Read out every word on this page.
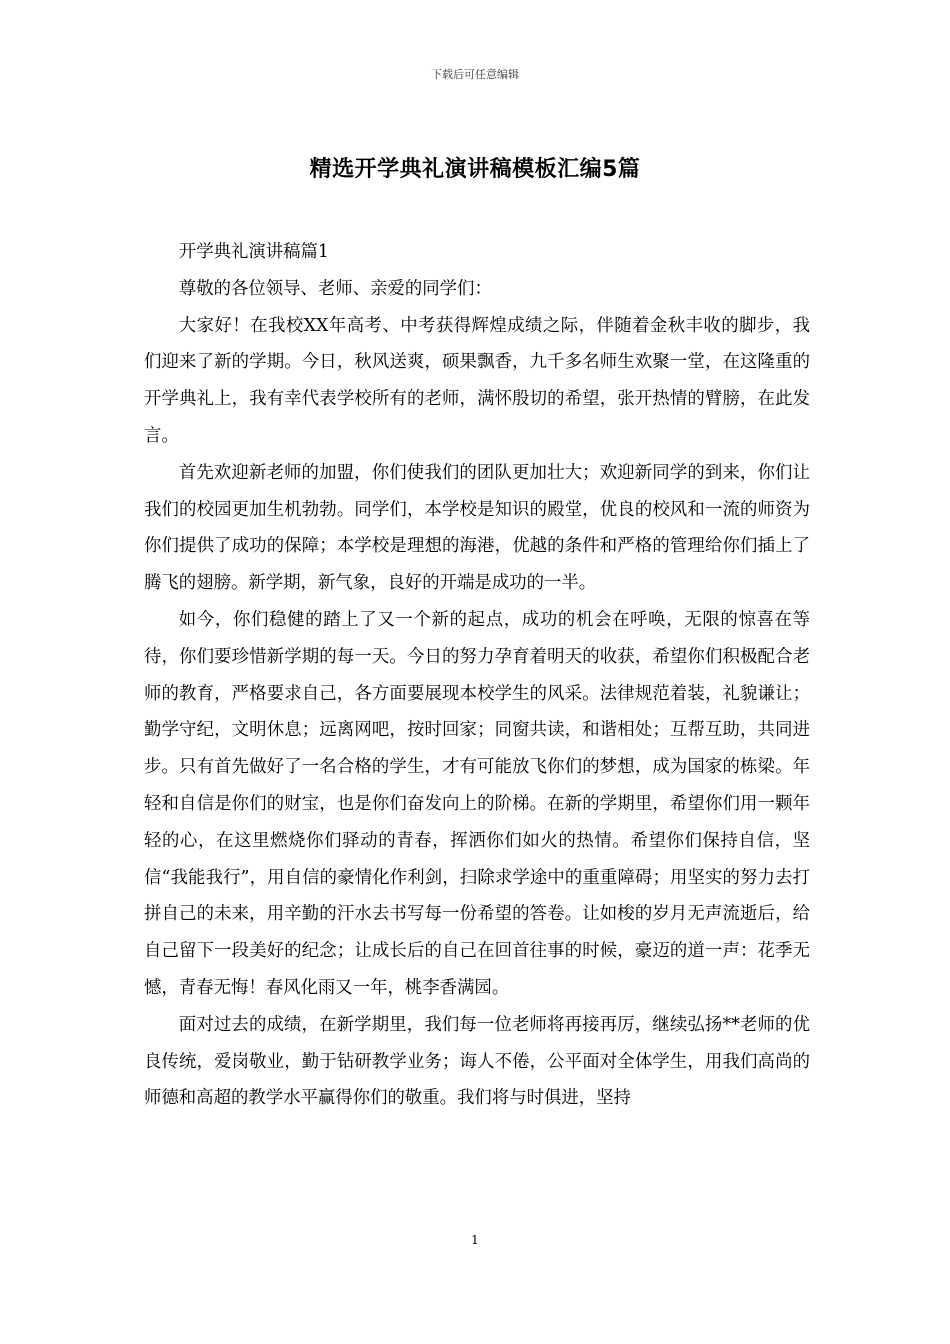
下载后可任意编辑
精选开学典礼演讲稿模板汇编5篇

开学典礼演讲稿篇1

尊敬的各位领导、老师、亲爱的同学们：

大家好！在我校XX年高考、中考获得辉煌成绩之际，伴随着金秋丰收的脚步，我们迎来了新的学期。今日，秋风送爽，硕果飘香，九千多名师生欢聚一堂，在这隆重的开学典礼上，我有幸代表学校所有的老师，满怀殷切的希望，张开热情的臂膀，在此发言。

首先欢迎新老师的加盟，你们使我们的团队更加壮大；欢迎新同学的到来，你们让我们的校园更加生机勃勃。同学们，本学校是知识的殿堂，优良的校风和一流的师资为你们提供了成功的保障；本学校是理想的海港，优越的条件和严格的管理给你们插上了腾飞的翅膀。新学期，新气象，良好的开端是成功的一半。

如今，你们稳健的踏上了又一个新的起点，成功的机会在呼唤，无限的惊喜在等待，你们要珍惜新学期的每一天。今日的努力孕育着明天的收获，希望你们积极配合老师的教育，严格要求自己，各方面要展现本校学生的风采。法律规范着装，礼貌谦让；勤学守纪，文明休息；远离网吧，按时回家；同窗共读，和谐相处；互帮互助，共同进步。只有首先做好了一名合格的学生，才有可能放飞你们的梦想，成为国家的栋梁。年轻和自信是你们的财宝，也是你们奋发向上的阶梯。在新的学期里，希望你们用一颗年轻的心，在这里燃烧你们驿动的青春，挥洒你们如火的热情。希望你们保持自信，坚信“我能我行”，用自信的豪情化作利剑，扫除求学途中的重重障碍；用坚实的努力去打拼自己的未来，用辛勤的汗水去书写每一份希望的答卷。让如梭的岁月无声流逝后，给自己留下一段美好的纪念；让成长后的自己在回首往事的时候，豪迈的道一声：花季无憾，青春无悔！春风化雨又一年，桃李香满园。

面对过去的成绩，在新学期里，我们每一位老师将再接再厉，继续弘扬**老师的优良传统，爱岗敬业，勤于钻研教学业务；诲人不倦，公平面对全体学生，用我们高尚的师德和高超的教学水平赢得你们的敬重。我们将与时俱进，坚持

1
